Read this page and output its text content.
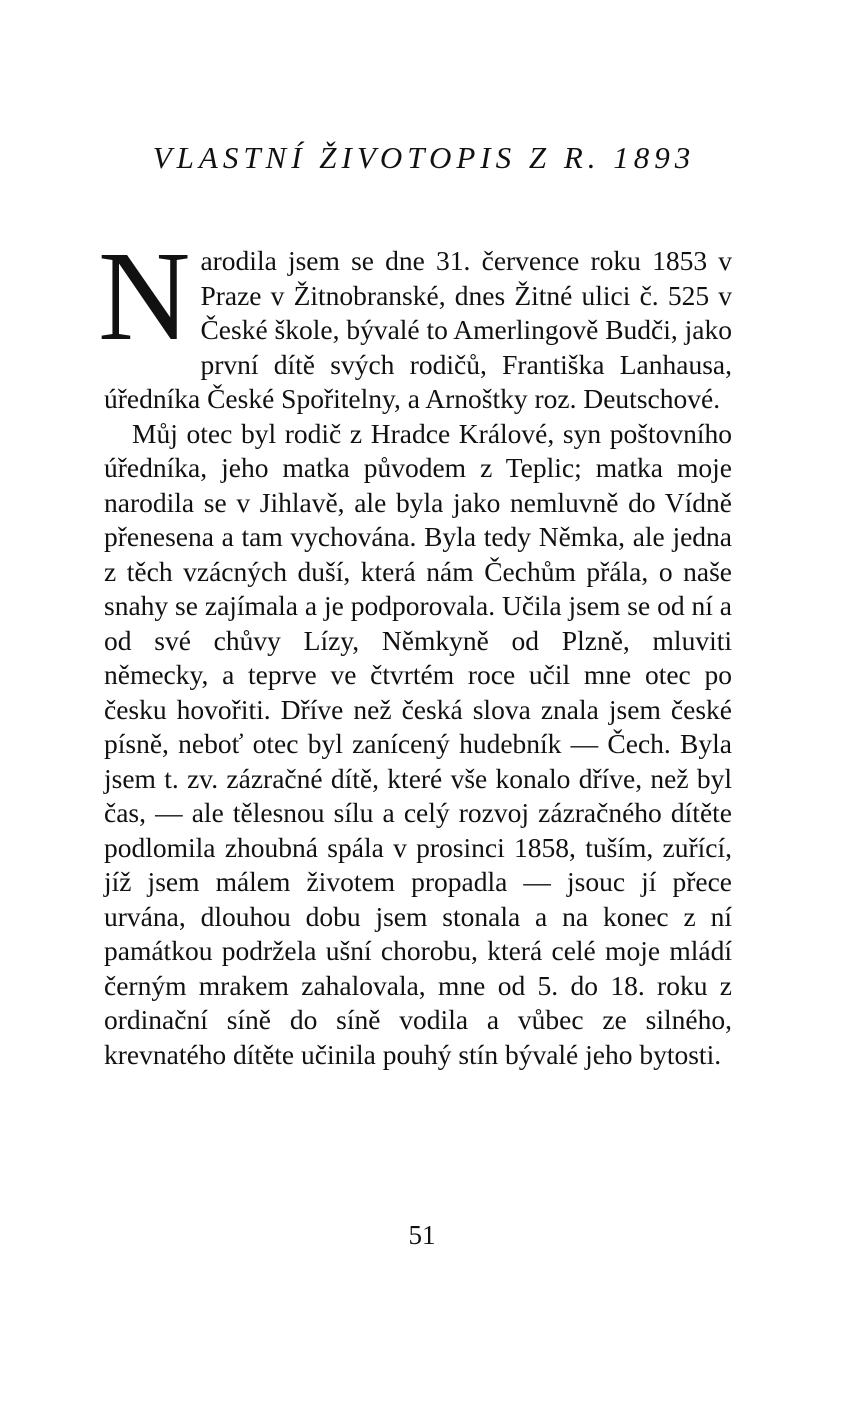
VLASTNÍ ŽIVOTOPIS Z R. 1893

Narodila jsem se dne 31. července roku 1853 v Praze v Žitnobranské, dnes Žitné ulici č. 525 v České škole, bývalé to Amerlingově Budči, jako první dítě svých rodičů, Františka Lanhausa, úředníka České Spořitelny, a Arnoštky roz. Deutschové.

Můj otec byl rodič z Hradce Králové, syn poštovního úředníka, jeho matka původem z Teplic; matka moje narodila se v Jihlavě, ale byla jako nemluvně do Vídně přenesena a tam vychována. Byla tedy Němka, ale jedna z těch vzácných duší, která nám Čechům přála, o naše snahy se zajímala a je podporovala. Učila jsem se od ní a od své chůvy Lízy, Němkyně od Plzně, mluviti německy, a teprve ve čtvrtém roce učil mne otec po česku hovořiti. Dříve než česká slova znala jsem české písně, neboť otec byl zanícený hudebník — Čech. Byla jsem t. zv. zázračné dítě, které vše konalo dříve, než byl čas, — ale tělesnou sílu a celý rozvoj zázračného dítěte podlomila zhoubná spála v prosinci 1858, tuším, zuřící, jíž jsem málem životem propadla — jsouc jí přece urvána, dlouhou dobu jsem stonala a na konec z ní památkou podržela ušní chorobu, která celé moje mládí černým mrakem zahalovala, mne od 5. do 18. roku z ordinační síně do síně vodila a vůbec ze silného, krevnatého dítěte učinila pouhý stín bývalé jeho bytosti.

51
